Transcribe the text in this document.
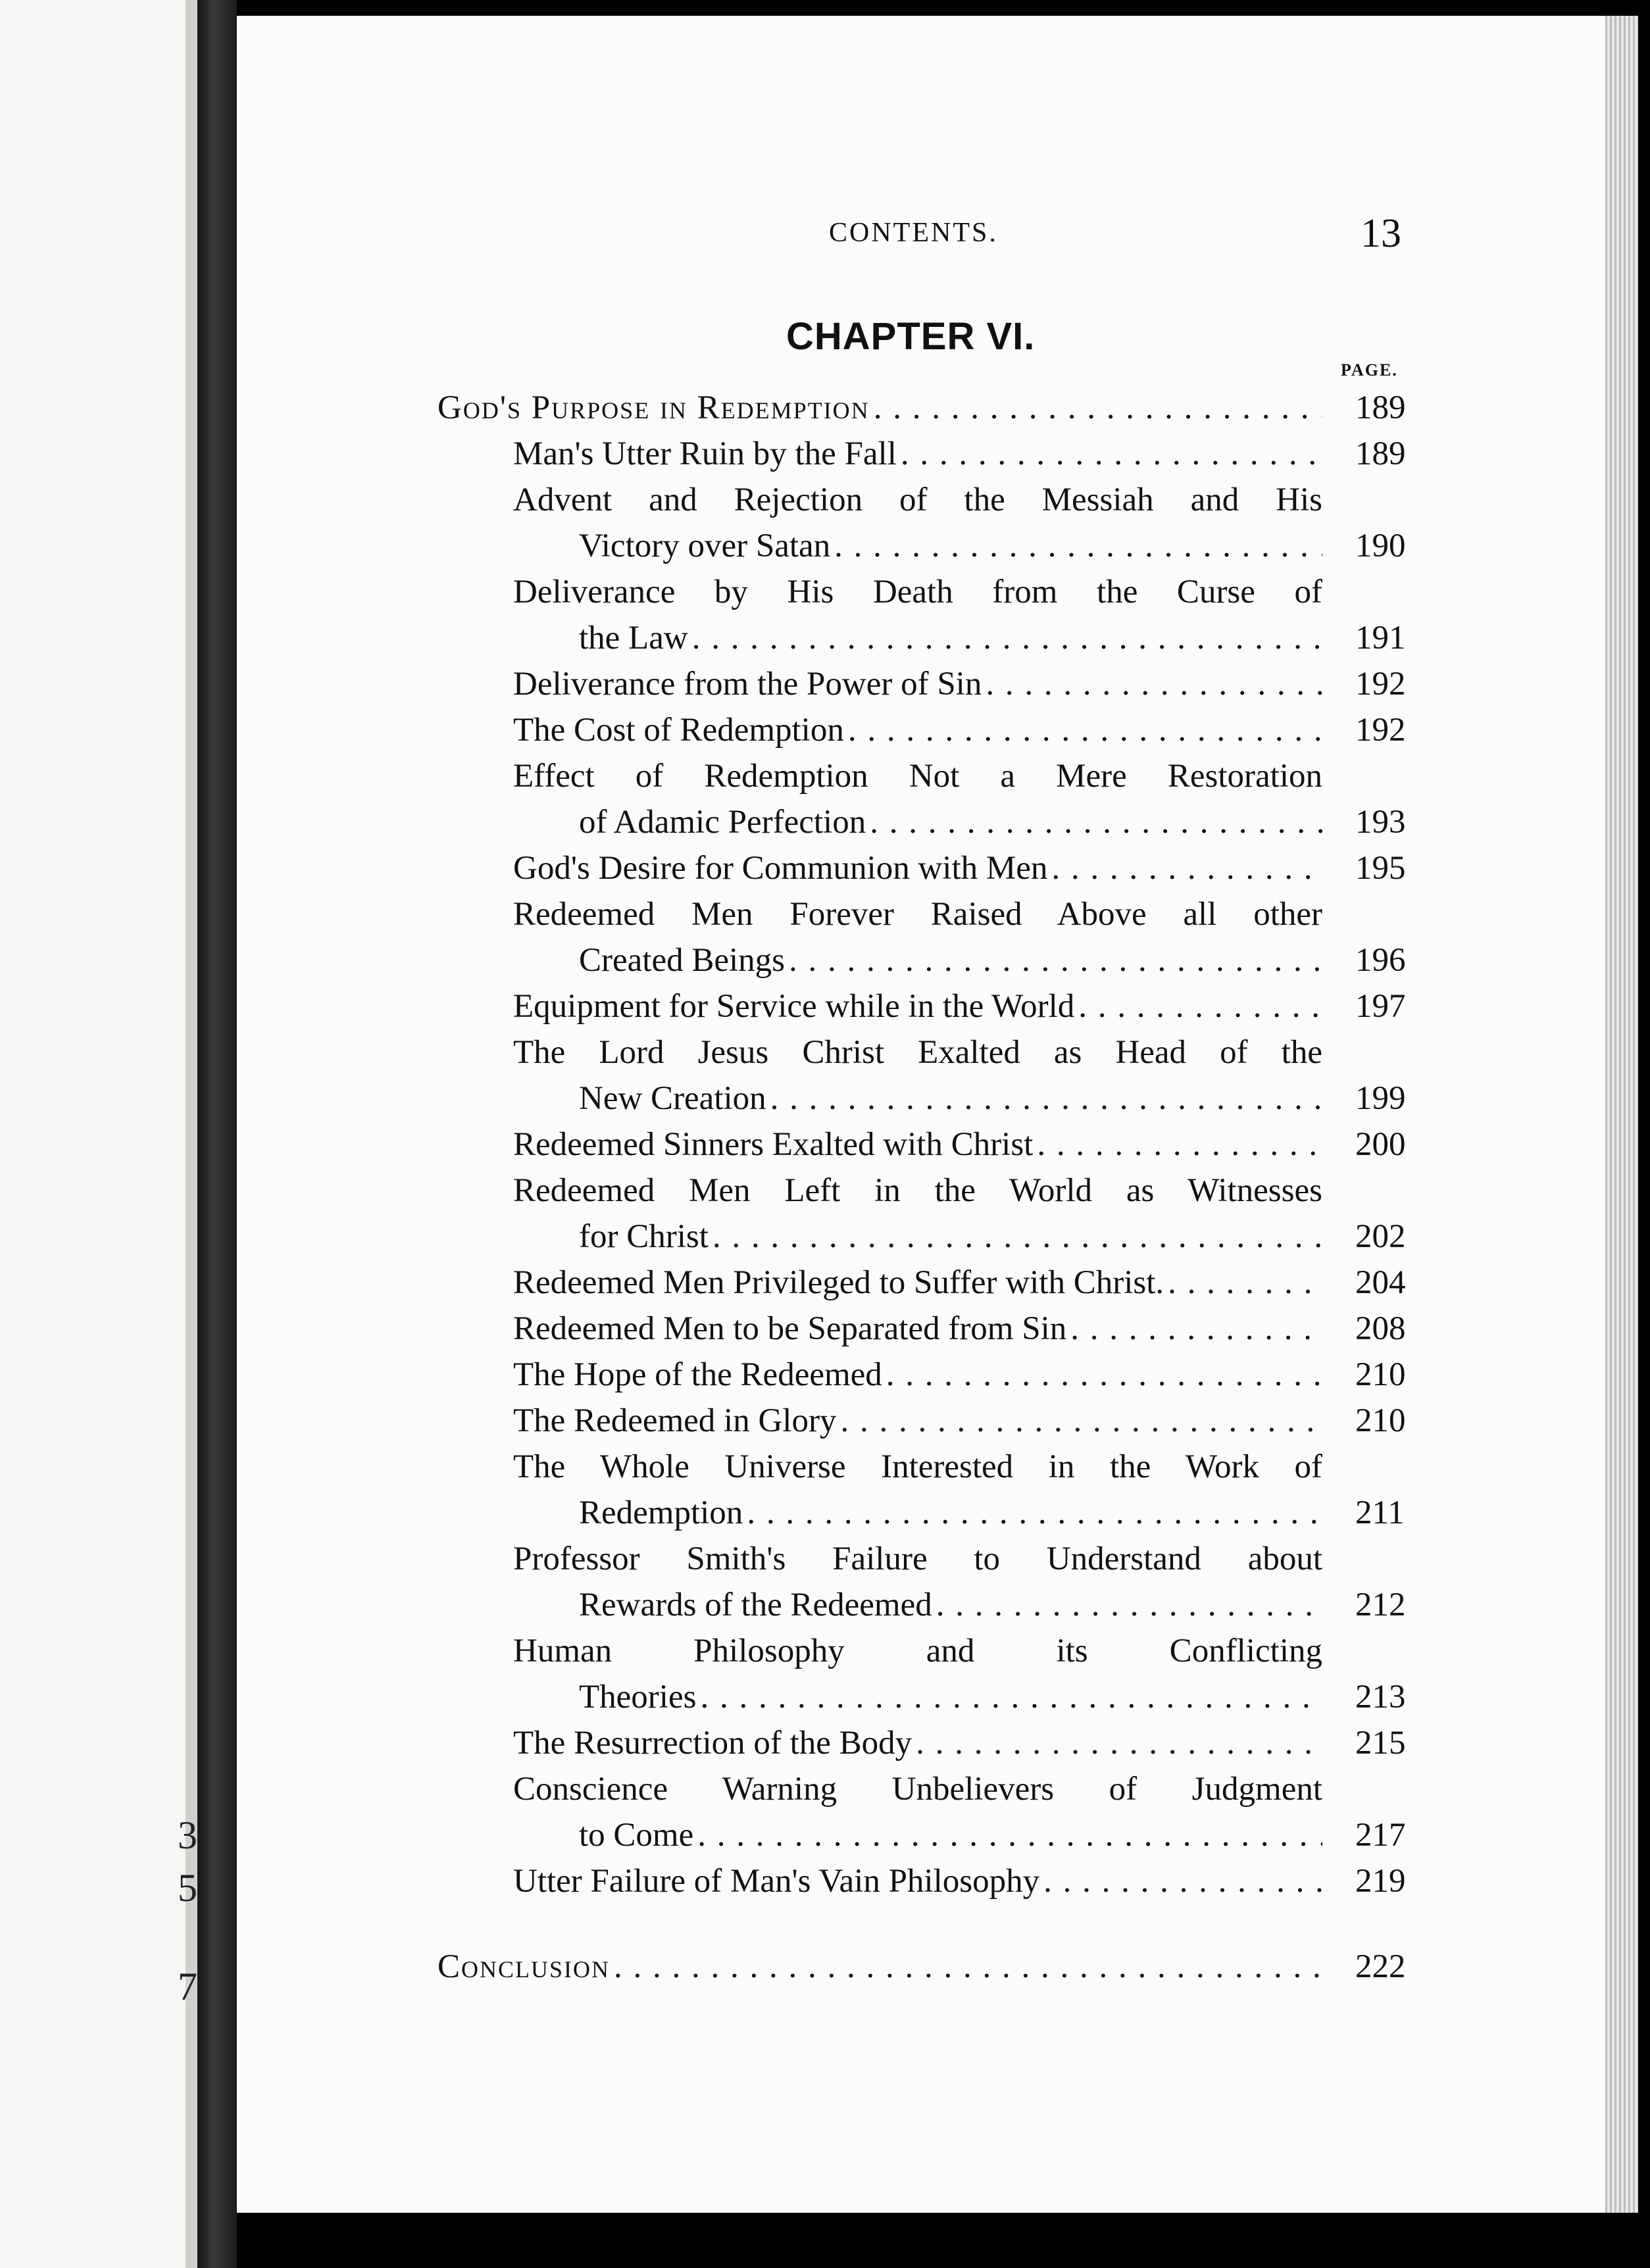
3
5
7
CONTENTS.	13
CHAPTER VI.
PAGE.
God's Purpose in Redemption . . .	189
Man's Utter Ruin by the Fall . . .	189
Advent and Rejection of the Messiah and His
Victory over Satan . . .	190
Deliverance by His Death from the Curse of
the Law . . .	191
Deliverance from the Power of Sin . . .	192
The Cost of Redemption . . .	192
Effect of Redemption Not a Mere Restoration
of Adamic Perfection . . .	193
God's Desire for Communion with Men . . .	195
Redeemed Men Forever Raised Above all other
Created Beings . . .	196
Equipment for Service while in the World . . .	197
The Lord Jesus Christ Exalted as Head of the
New Creation . . .	199
Redeemed Sinners Exalted with Christ . . .	200
Redeemed Men Left in the World as Witnesses
for Christ . . .	202
Redeemed Men Privileged to Suffer with Christ. . . .	204
Redeemed Men to be Separated from Sin . . .	208
The Hope of the Redeemed . . .	210
The Redeemed in Glory . . .	210
The Whole Universe Interested in the Work of
Redemption . . .	211
Professor Smith's Failure to Understand about
Rewards of the Redeemed . . .	212
Human Philosophy and its Conflicting
Theories . . .	213
The Resurrection of the Body . . .	215
Conscience Warning Unbelievers of Judgment
to Come . . .	217
Utter Failure of Man's Vain Philosophy . . .	219
Conclusion . . .	222
